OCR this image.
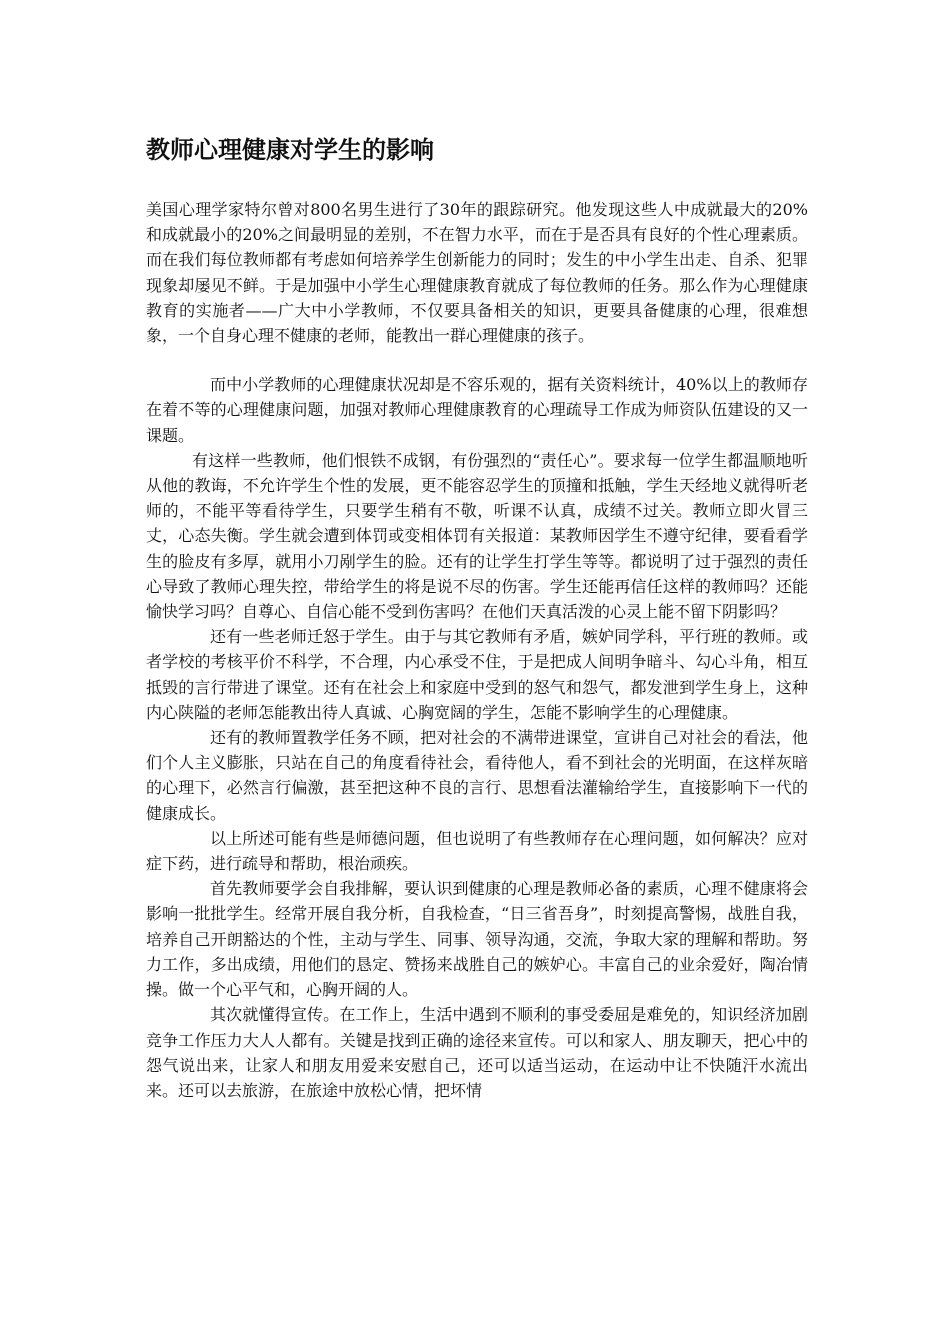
教师心理健康对学生的影响

美国心理学家特尔曾对800名男生进行了30年的跟踪研究。他发现这些人中成就最大的20%和成就最小的20%之间最明显的差别，不在智力水平，而在于是否具有良好的个性心理素质。而在我们每位教师都有考虑如何培养学生创新能力的同时；发生的中小学生出走、自杀、犯罪现象却屡见不鲜。于是加强中小学生心理健康教育就成了每位教师的任务。那么作为心理健康教育的实施者——广大中小学教师，不仅要具备相关的知识，更要具备健康的心理，很难想象，一个自身心理不健康的老师，能教出一群心理健康的孩子。

而中小学教师的心理健康状况却是不容乐观的，据有关资料统计，40%以上的教师存在着不等的心理健康问题，加强对教师心理健康教育的心理疏导工作成为师资队伍建设的又一课题。

有这样一些教师，他们恨铁不成钢，有份强烈的“责任心”。要求每一位学生都温顺地听从他的教诲，不允许学生个性的发展，更不能容忍学生的顶撞和抵触，学生天经地义就得听老师的，不能平等看待学生，只要学生稍有不敬，听课不认真，成绩不过关。教师立即火冒三丈，心态失衡。学生就会遭到体罚或变相体罚有关报道：某教师因学生不遵守纪律，要看看学生的脸皮有多厚，就用小刀剐学生的脸。还有的让学生打学生等等。都说明了过于强烈的责任心导致了教师心理失控，带给学生的将是说不尽的伤害。学生还能再信任这样的教师吗？还能愉快学习吗？自尊心、自信心能不受到伤害吗？在他们天真活泼的心灵上能不留下阴影吗？

还有一些老师迁怒于学生。由于与其它教师有矛盾，嫉妒同学科，平行班的教师。或者学校的考核平价不科学，不合理，内心承受不住，于是把成人间明争暗斗、勾心斗角，相互抵毁的言行带进了课堂。还有在社会上和家庭中受到的怒气和怨气，都发泄到学生身上，这种内心陕隘的老师怎能教出待人真诚、心胸宽阔的学生，怎能不影响学生的心理健康。

还有的教师置教学任务不顾，把对社会的不满带进课堂，宣讲自己对社会的看法，他们个人主义膨胀，只站在自己的角度看待社会，看待他人，看不到社会的光明面，在这样灰暗的心理下，必然言行偏激，甚至把这种不良的言行、思想看法灌输给学生，直接影响下一代的健康成长。

以上所述可能有些是师德问题，但也说明了有些教师存在心理问题，如何解决？应对症下药，进行疏导和帮助，根治顽疾。

首先教师要学会自我排解，要认识到健康的心理是教师必备的素质，心理不健康将会影响一批批学生。经常开展自我分析，自我检查，“日三省吾身”，时刻提高警惕，战胜自我，培养自己开朗豁达的个性，主动与学生、同事、领导沟通，交流，争取大家的理解和帮助。努力工作，多出成绩，用他们的恳定、赞扬来战胜自己的嫉妒心。丰富自己的业余爱好，陶冶情操。做一个心平气和，心胸开阔的人。

其次就懂得宣传。在工作上，生活中遇到不顺利的事受委屈是难免的，知识经济加剧竞争工作压力大人人都有。关键是找到正确的途径来宣传。可以和家人、朋友聊天，把心中的怨气说出来，让家人和朋友用爱来安慰自己，还可以适当运动，在运动中让不快随汗水流出来。还可以去旅游，在旅途中放松心情，把坏情
